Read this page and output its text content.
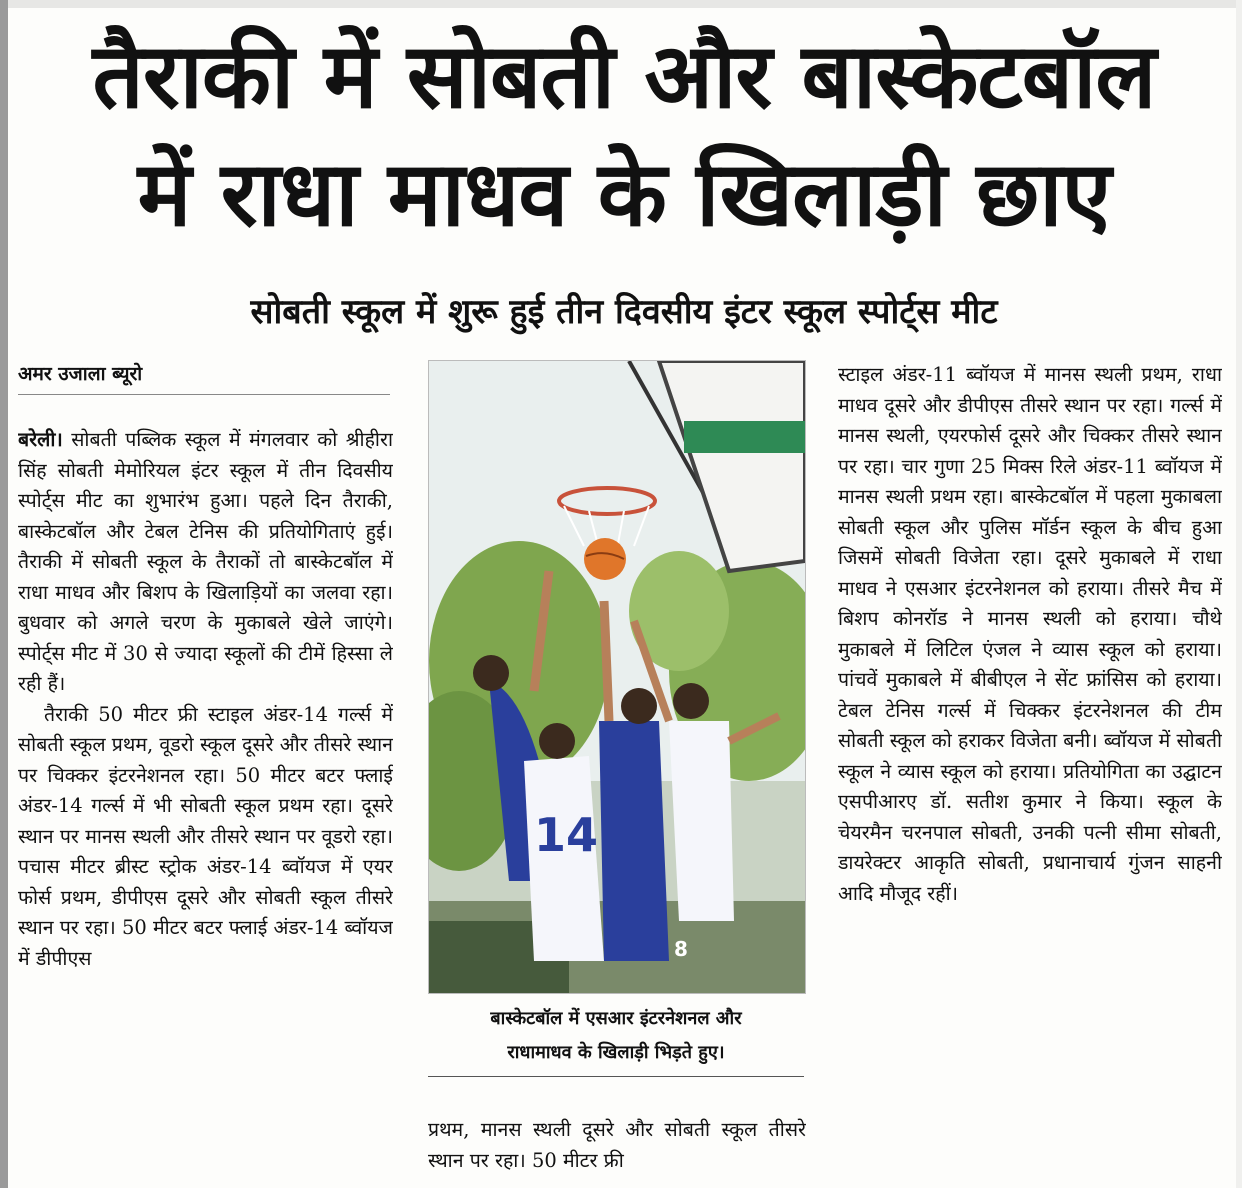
तैराकी में सोबती और बास्केटबॉल
में राधा माधव के खिलाड़ी छाए
सोबती स्कूल में शुरू हुई तीन दिवसीय इंटर स्कूल स्पोर्ट्स मीट
अमर उजाला ब्यूरो

बरेली। सोबती पब्लिक स्कूल में मंगलवार को श्रीहीरा सिंह सोबती मेमोरियल इंटर स्कूल में तीन दिवसीय स्पोर्ट्स मीट का शुभारंभ हुआ। पहले दिन तैराकी, बास्केटबॉल और टेबल टेनिस की प्रतियोगिताएं हुई। तैराकी में सोबती स्कूल के तैराकों तो बास्केटबॉल में राधा माधव और बिशप के खिलाड़ियों का जलवा रहा। बुधवार को अगले चरण के मुकाबले खेले जाएंगे। स्पोर्ट्स मीट में 30 से ज्यादा स्कूलों की टीमें हिस्सा ले रही हैं।

तैराकी 50 मीटर फ्री स्टाइल अंडर-14 गर्ल्स में सोबती स्कूल प्रथम, वूडरो स्कूल दूसरे और तीसरे स्थान पर चिक्कर इंटरनेशनल रहा। 50 मीटर बटर फ्लाई अंडर-14 गर्ल्स में भी सोबती स्कूल प्रथम रहा। दूसरे स्थान पर मानस स्थली और तीसरे स्थान पर वूडरो रहा। पचास मीटर ब्रीस्ट स्ट्रोक अंडर-14 ब्वॉयज में एयर फोर्स प्रथम, डीपीएस दूसरे और सोबती स्कूल तीसरे स्थान पर रहा। 50 मीटर बटर फ्लाई अंडर-14 ब्वॉयज में डीपीएस

14
8
बास्केटबॉल में एसआर इंटरनेशनल और
राधामाधव के खिलाड़ी भिड़ते हुए।

प्रथम, मानस स्थली दूसरे और सोबती स्कूल तीसरे स्थान पर रहा। 50 मीटर फ्री

स्टाइल अंडर-11 ब्वॉयज में मानस स्थली प्रथम, राधा माधव दूसरे और डीपीएस तीसरे स्थान पर रहा। गर्ल्स में मानस स्थली, एयरफोर्स दूसरे और चिक्कर तीसरे स्थान पर रहा। चार गुणा 25 मिक्स रिले अंडर-11 ब्वॉयज में मानस स्थली प्रथम रहा। बास्केटबॉल में पहला मुकाबला सोबती स्कूल और पुलिस मॉर्डन स्कूल के बीच हुआ जिसमें सोबती विजेता रहा। दूसरे मुकाबले में राधा माधव ने एसआर इंटरनेशनल को हराया। तीसरे मैच में बिशप कोनरॉड ने मानस स्थली को हराया। चौथे मुकाबले में लिटिल एंजल ने व्यास स्कूल को हराया। पांचवें मुकाबले में बीबीएल ने सेंट फ्रांसिस को हराया। टेबल टेनिस गर्ल्स में चिक्कर इंटरनेशनल की टीम सोबती स्कूल को हराकर विजेता बनी। ब्वॉयज में सोबती स्कूल ने व्यास स्कूल को हराया। प्रतियोगिता का उद्घाटन एसपीआरए डॉ. सतीश कुमार ने किया। स्कूल के चेयरमैन चरनपाल सोबती, उनकी पत्नी सीमा सोबती, डायरेक्टर आकृति सोबती, प्रधानाचार्य गुंजन साहनी आदि मौजूद रहीं।
